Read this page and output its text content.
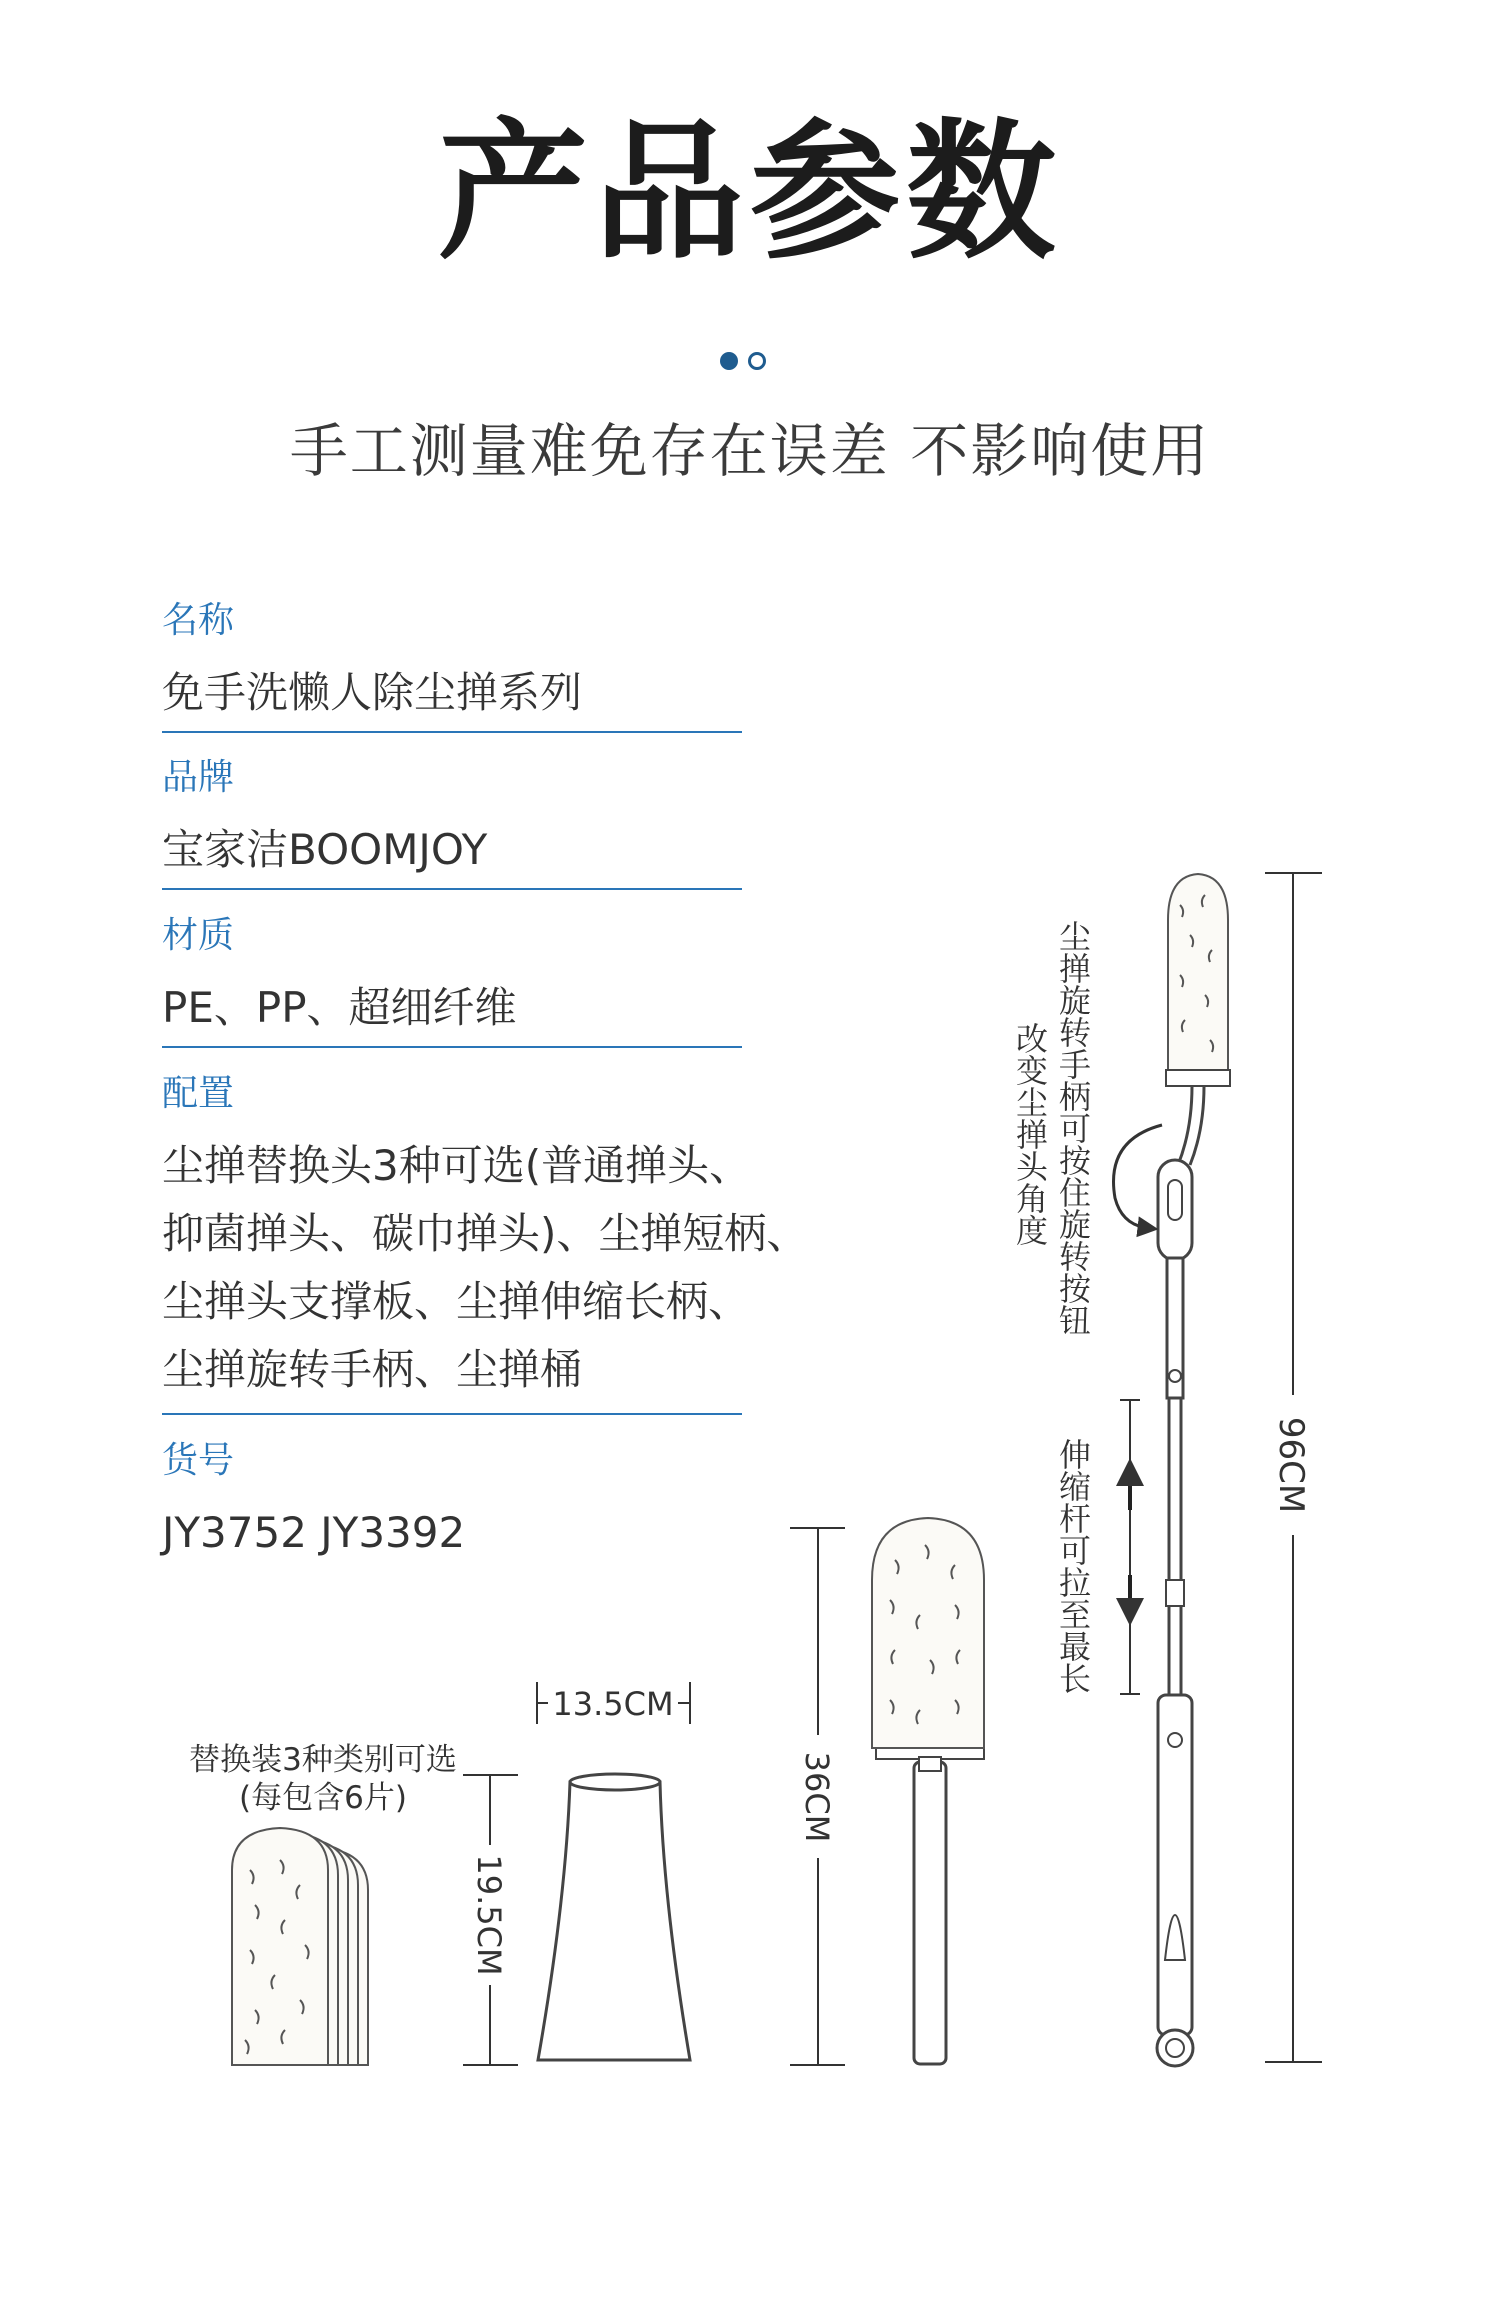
产品参数
手工测量难免存在误差 不影响使用
名称
免手洗懒人除尘掸系列
品牌
宝家洁BOOMJOY
材质
PE、PP、超细纤维
配置
尘掸替换头3种可选(普通掸头、
抑菌掸头、碳巾掸头)、尘掸短柄、
尘掸头支撑板、尘掸伸缩长柄、
尘掸旋转手柄、尘掸桶
货号
JY3752 JY3392
替换装3种类别可选
(每包含6片)
13.5CM
19.5CM
36CM
96CM
尘掸旋转手柄可按住旋转按钮
改变尘掸头角度
伸缩杆可拉至最长
